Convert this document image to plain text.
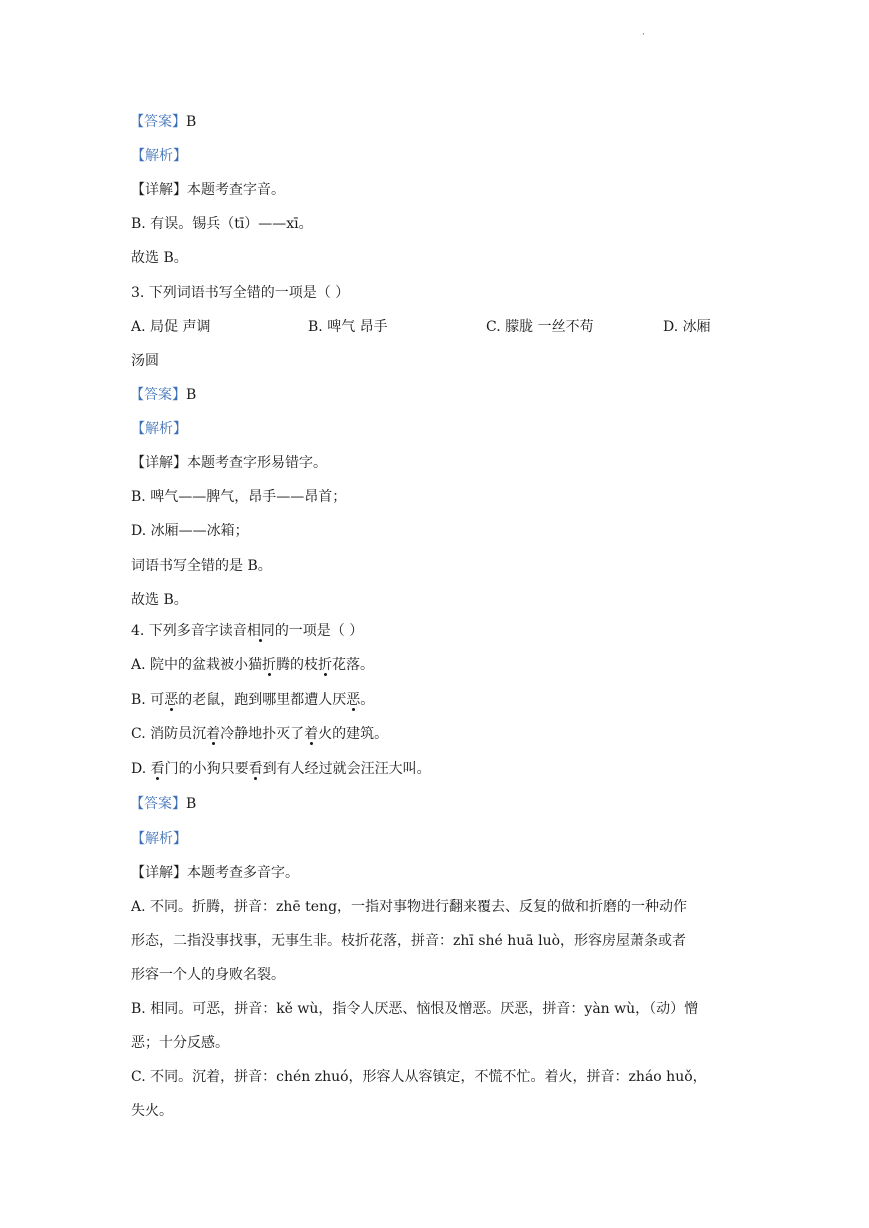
·
【答案】B
【解析】
【详解】本题考查字音。
B. 有误。锡兵（tī）——xī。
故选 B。
3. 下列词语书写全错的一项是（ ）
A. 局促 声调	B. 啤气 昂手	C. 朦胧 一丝不苟	D. 冰厢
汤圆
【答案】B
【解析】
【详解】本题考查字形易错字。
B. 啤气——脾气，昂手——昂首；
D. 冰厢——冰箱；
词语书写全错的是 B。
故选 B。
4. 下列多音字读音相同的一项是（ ）
A. 院中的盆栽被小猫折腾的枝折花落。
B. 可恶的老鼠，跑到哪里都遭人厌恶。
C. 消防员沉着冷静地扑灭了着火的建筑。
D. 看门的小狗只要看到有人经过就会汪汪大叫。
【答案】B
【解析】
【详解】本题考查多音字。
A. 不同。折腾，拼音：zhē teng，一指对事物进行翻来覆去、反复的做和折磨的一种动作
形态，二指没事找事，无事生非。枝折花落，拼音：zhī shé huā luò，形容房屋萧条或者
形容一个人的身败名裂。
B. 相同。可恶，拼音：kě wù，指令人厌恶、恼恨及憎恶。厌恶，拼音：yàn wù，（动）憎
恶；十分反感。
C. 不同。沉着，拼音：chén zhuó，形容人从容镇定，不慌不忙。着火，拼音：zháo huǒ，
失火。
